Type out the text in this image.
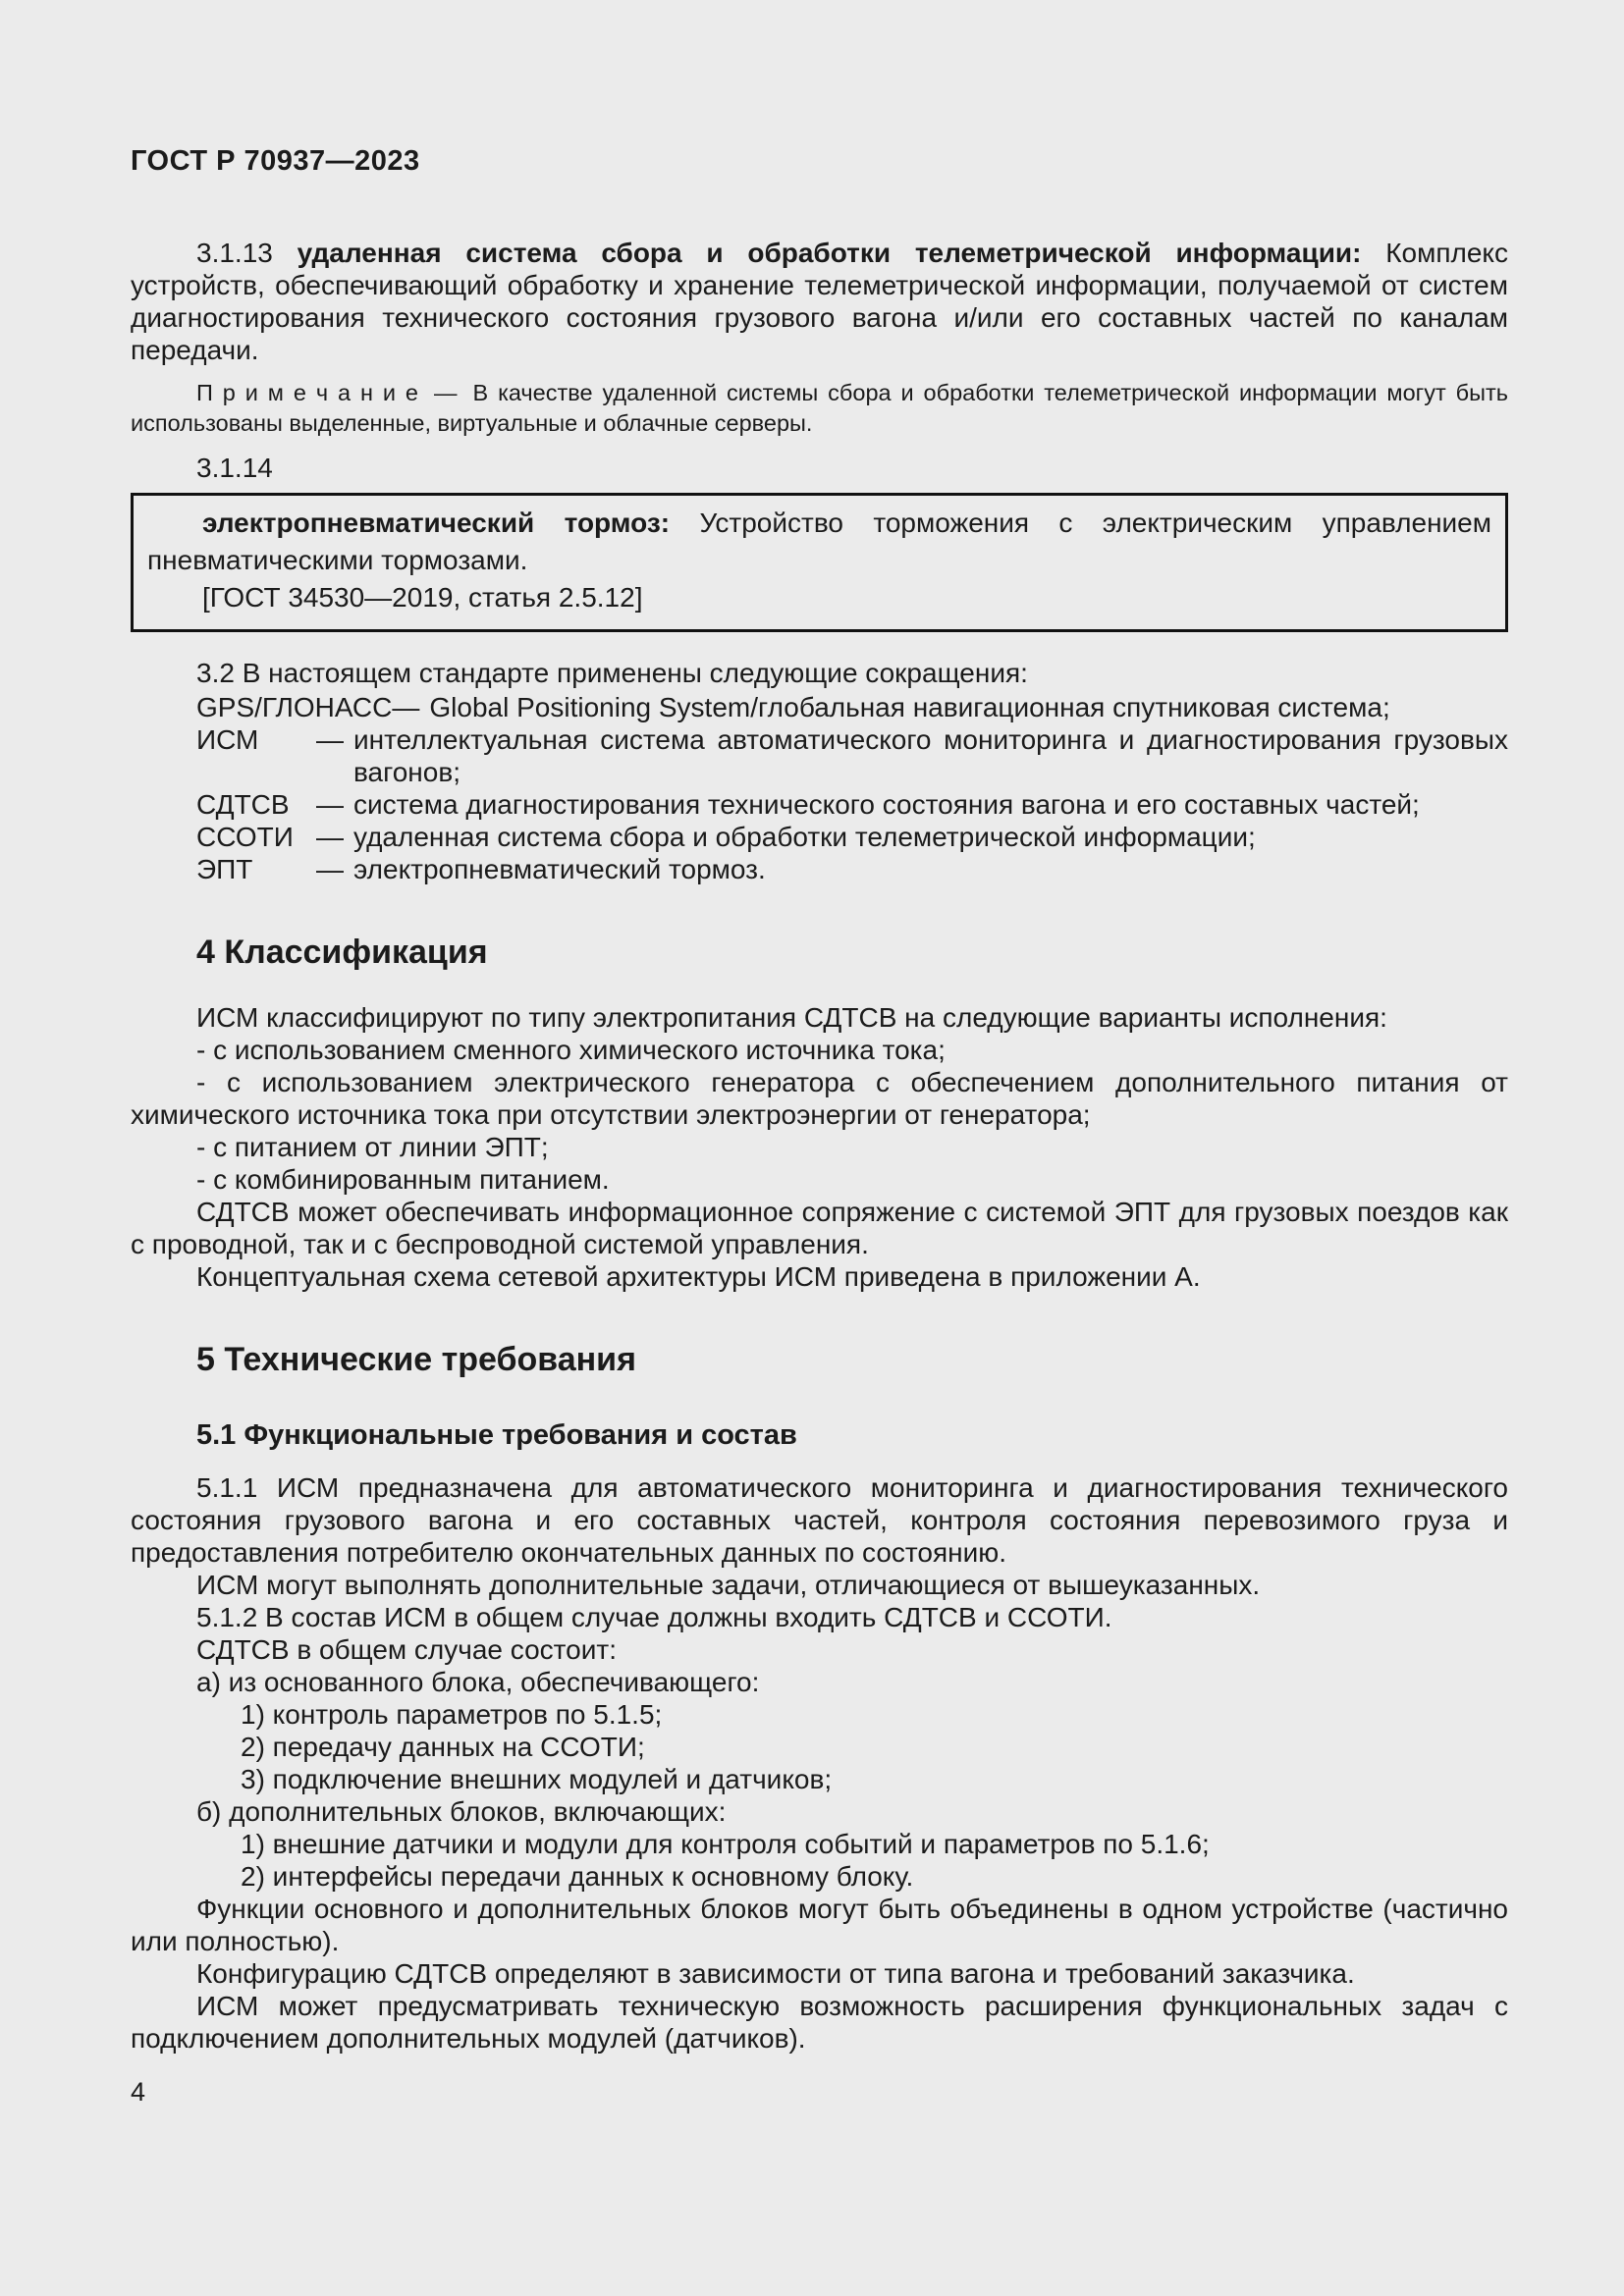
ГОСТ Р 70937—2023

3.1.13 удаленная система сбора и обработки телеметрической информации: Комплекс устройств, обеспечивающий обработку и хранение телеметрической информации, получаемой от систем диагностирования технического состояния грузового вагона и/или его составных частей по каналам передачи.

П р и м е ч а н и е — В качестве удаленной системы сбора и обработки телеметрической информации могут быть использованы выделенные, виртуальные и облачные серверы.

3.1.14

электропневматический тормоз: Устройство торможения с электрическим управлением пневматическими тормозами.

[ГОСТ 34530—2019, статья 2.5.12]

3.2 В настоящем стандарте применены следующие сокращения:

GPS/ГЛОНАСС — Global Positioning System/глобальная навигационная спутниковая система;
ИСМ	— интеллектуальная система автоматического мониторинга и диагностирования грузовых вагонов;
СДТСВ — система диагностирования технического состояния вагона и его составных частей;
ССОТИ — удаленная система сбора и обработки телеметрической информации;
ЭПТ	— электропневматический тормоз.
4 Классификация

ИСМ классифицируют по типу электропитания СДТСВ на следующие варианты исполнения:

- с использованием сменного химического источника тока;

- с использованием электрического генератора с обеспечением дополнительного питания от химического источника тока при отсутствии электроэнергии от генератора;

- с питанием от линии ЭПТ;

- с комбинированным питанием.

СДТСВ может обеспечивать информационное сопряжение с системой ЭПТ для грузовых поездов как с проводной, так и с беспроводной системой управления.

Концептуальная схема сетевой архитектуры ИСМ приведена в приложении А.

5 Технические требования
5.1 Функциональные требования и состав

5.1.1 ИСМ предназначена для автоматического мониторинга и диагностирования технического состояния грузового вагона и его составных частей, контроля состояния перевозимого груза и предоставления потребителю окончательных данных по состоянию.

ИСМ могут выполнять дополнительные задачи, отличающиеся от вышеуказанных.

5.1.2 В состав ИСМ в общем случае должны входить СДТСВ и ССОТИ.

СДТСВ в общем случае состоит:

а) из основанного блока, обеспечивающего:

1) контроль параметров по 5.1.5;

2) передачу данных на ССОТИ;

3) подключение внешних модулей и датчиков;

б) дополнительных блоков, включающих:

1) внешние датчики и модули для контроля событий и параметров по 5.1.6;

2) интерфейсы передачи данных к основному блоку.

Функции основного и дополнительных блоков могут быть объединены в одном устройстве (частично или полностью).

Конфигурацию СДТСВ определяют в зависимости от типа вагона и требований заказчика.

ИСМ может предусматривать техническую возможность расширения функциональных задач с подключением дополнительных модулей (датчиков).

4
